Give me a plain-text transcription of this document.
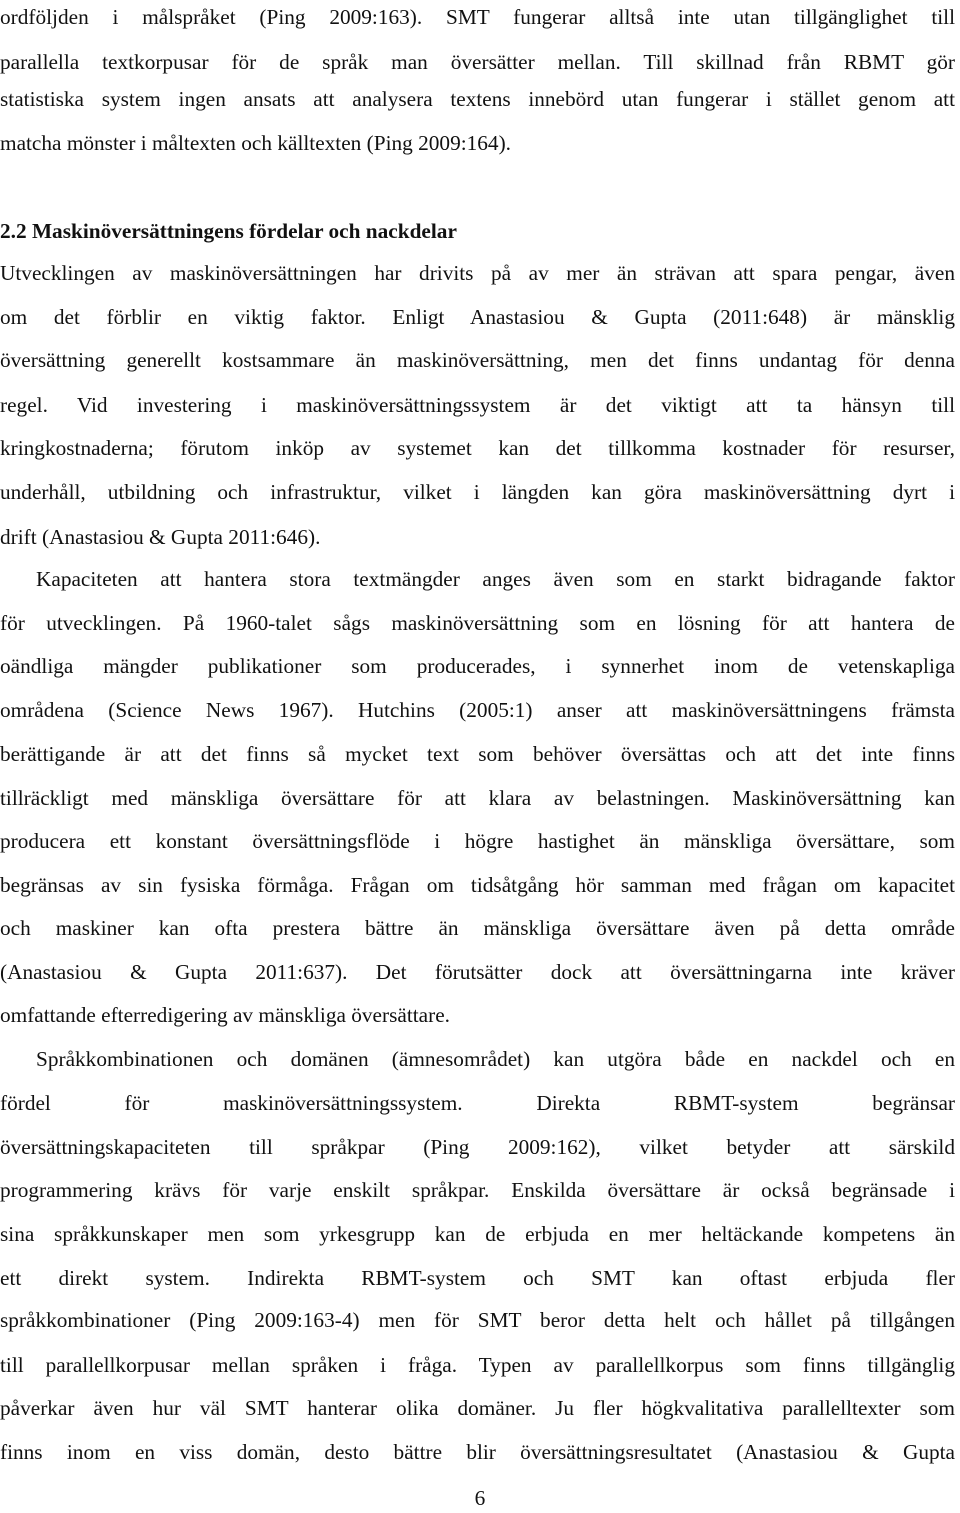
ordföljden i målspråket (Ping 2009:163). SMT fungerar alltså inte utan tillgänglighet till
parallella textkorpusar för de språk man översätter mellan. Till skillnad från RBMT gör
statistiska system ingen ansats att analysera textens innebörd utan fungerar i stället genom att
matcha mönster i måltexten och källtexten (Ping 2009:164).
2.2 Maskinöversättningens fördelar och nackdelar
Utvecklingen av maskinöversättningen har drivits på av mer än strävan att spara pengar, även
om det förblir en viktig faktor. Enligt Anastasiou & Gupta (2011:648) är mänsklig
översättning generellt kostsammare än maskinöversättning, men det finns undantag för denna
regel. Vid investering i maskinöversättningssystem är det viktigt att ta hänsyn till
kringkostnaderna; förutom inköp av systemet kan det tillkomma kostnader för resurser,
underhåll, utbildning och infrastruktur, vilket i längden kan göra maskinöversättning dyrt i
drift (Anastasiou & Gupta 2011:646).
Kapaciteten att hantera stora textmängder anges även som en starkt bidragande faktor
för utvecklingen. På 1960-talet sågs maskinöversättning som en lösning för att hantera de
oändliga mängder publikationer som producerades, i synnerhet inom de vetenskapliga
områdena (Science News 1967). Hutchins (2005:1) anser att maskinöversättningens främsta
berättigande är att det finns så mycket text som behöver översättas och att det inte finns
tillräckligt med mänskliga översättare för att klara av belastningen. Maskinöversättning kan
producera ett konstant översättningsflöde i högre hastighet än mänskliga översättare, som
begränsas av sin fysiska förmåga. Frågan om tidsåtgång hör samman med frågan om kapacitet
och maskiner kan ofta prestera bättre än mänskliga översättare även på detta område
(Anastasiou & Gupta 2011:637). Det förutsätter dock att översättningarna inte kräver
omfattande efterredigering av mänskliga översättare.
Språkkombinationen och domänen (ämnesområdet) kan utgöra både en nackdel och en
fördel för maskinöversättningssystem. Direkta RBMT-system begränsar
översättningskapaciteten till språkpar (Ping 2009:162), vilket betyder att särskild
programmering krävs för varje enskilt språkpar. Enskilda översättare är också begränsade i
sina språkkunskaper men som yrkesgrupp kan de erbjuda en mer heltäckande kompetens än
ett direkt system. Indirekta RBMT-system och SMT kan oftast erbjuda fler
språkkombinationer (Ping 2009:163-4) men för SMT beror detta helt och hållet på tillgången
till parallellkorpusar mellan språken i fråga. Typen av parallellkorpus som finns tillgänglig
påverkar även hur väl SMT hanterar olika domäner. Ju fler högkvalitativa parallelltexter som
finns inom en viss domän, desto bättre blir översättningsresultatet (Anastasiou & Gupta
6
